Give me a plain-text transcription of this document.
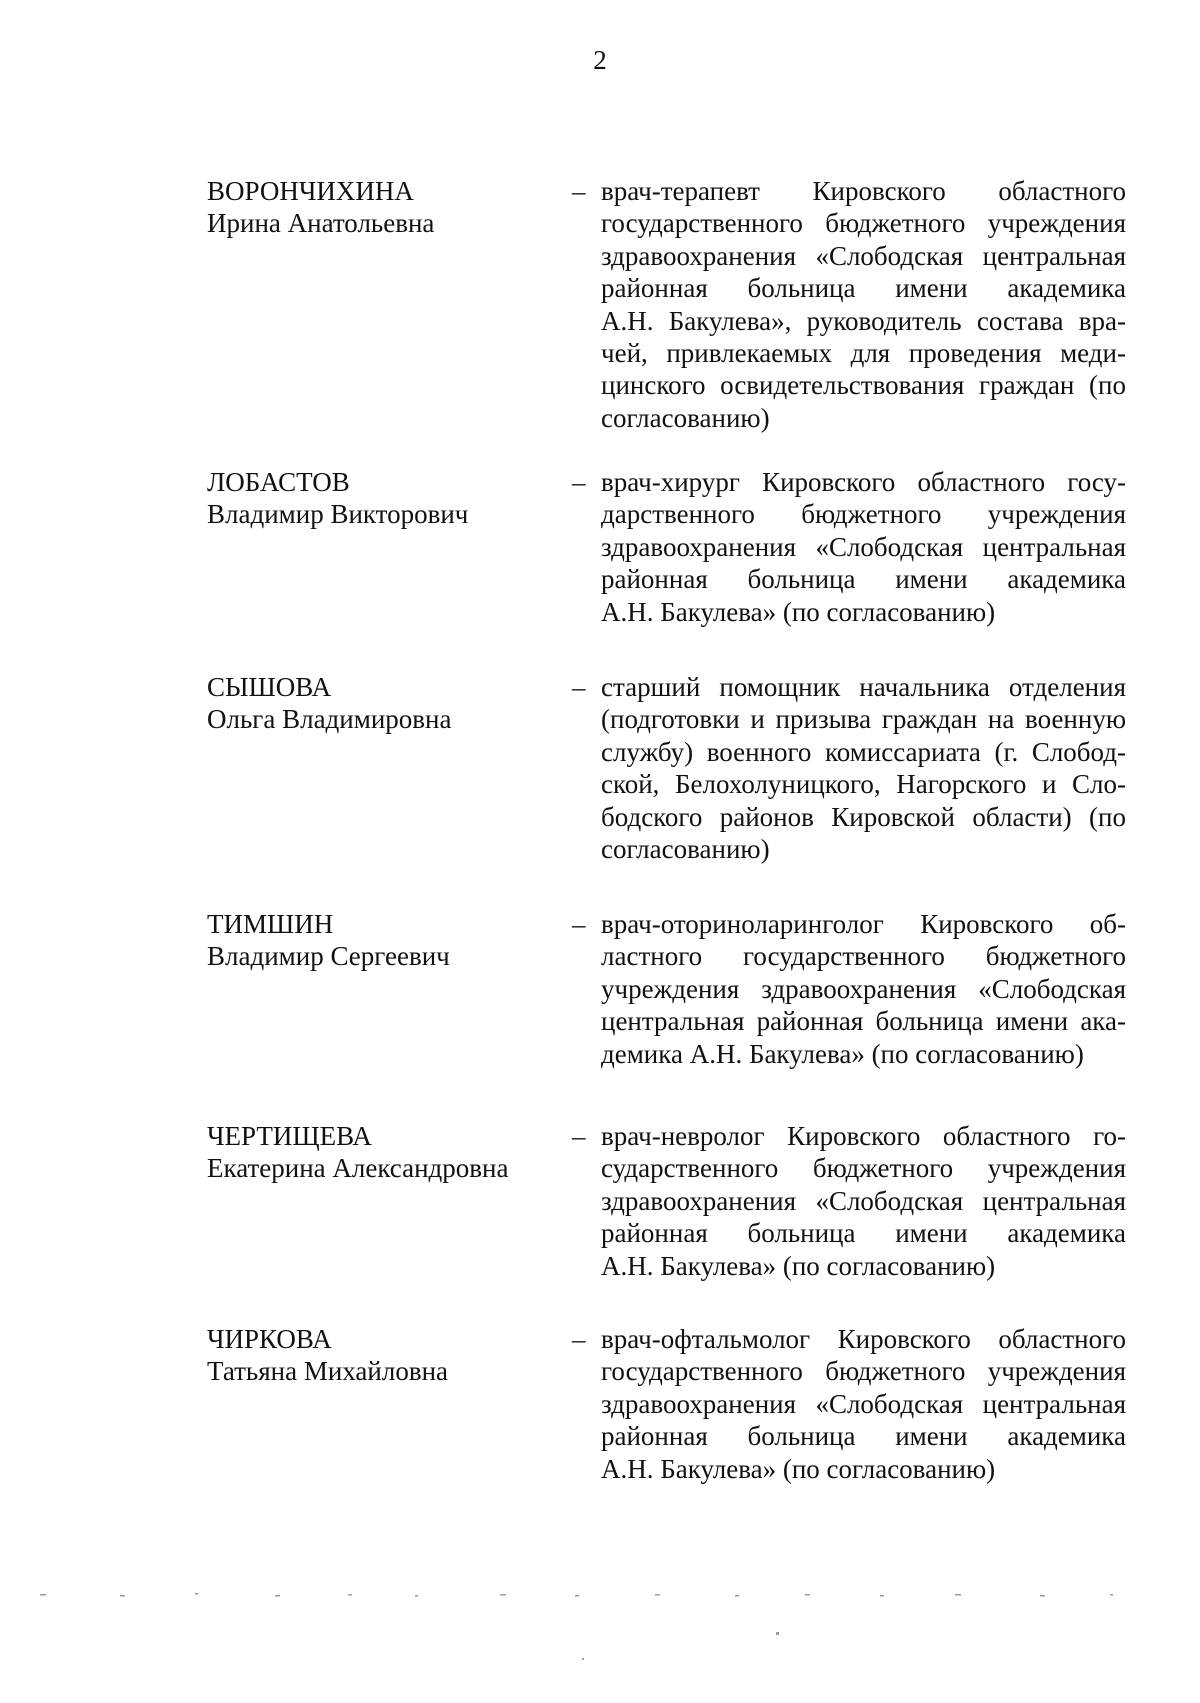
2
ВОРОНЧИХИНА
Ирина Анатольевна
– врач-терапевт Кировского областного
государственного бюджетного учреждения
здравоохранения «Слободская центральная
районная больница имени академика
А.Н. Бакулева», руководитель состава вра-
чей, привлекаемых для проведения меди-
цинского освидетельствования граждан (по
согласованию)
ЛОБАСТОВ
Владимир Викторович
– врач-хирург Кировского областного госу-
дарственного бюджетного учреждения
здравоохранения «Слободская центральная
районная больница имени академика
А.Н. Бакулева» (по согласованию)
СЫШОВА
Ольга Владимировна
– старший помощник начальника отделения
(подготовки и призыва граждан на военную
службу) военного комиссариата (г. Слобод-
ской, Белохолуницкого, Нагорского и Сло-
бодского районов Кировской области) (по
согласованию)
ТИМШИН
Владимир Сергеевич
– врач-оториноларинголог Кировского об-
ластного государственного бюджетного
учреждения здравоохранения «Слободская
центральная районная больница имени ака-
демика А.Н. Бакулева» (по согласованию)
ЧЕРТИЩЕВА
Екатерина Александровна
– врач-невролог Кировского областного го-
сударственного бюджетного учреждения
здравоохранения «Слободская центральная
районная больница имени академика
А.Н. Бакулева» (по согласованию)
ЧИРКОВА
Татьяна Михайловна
– врач-офтальмолог Кировского областного
государственного бюджетного учреждения
здравоохранения «Слободская центральная
районная больница имени академика
А.Н. Бакулева» (по согласованию)
